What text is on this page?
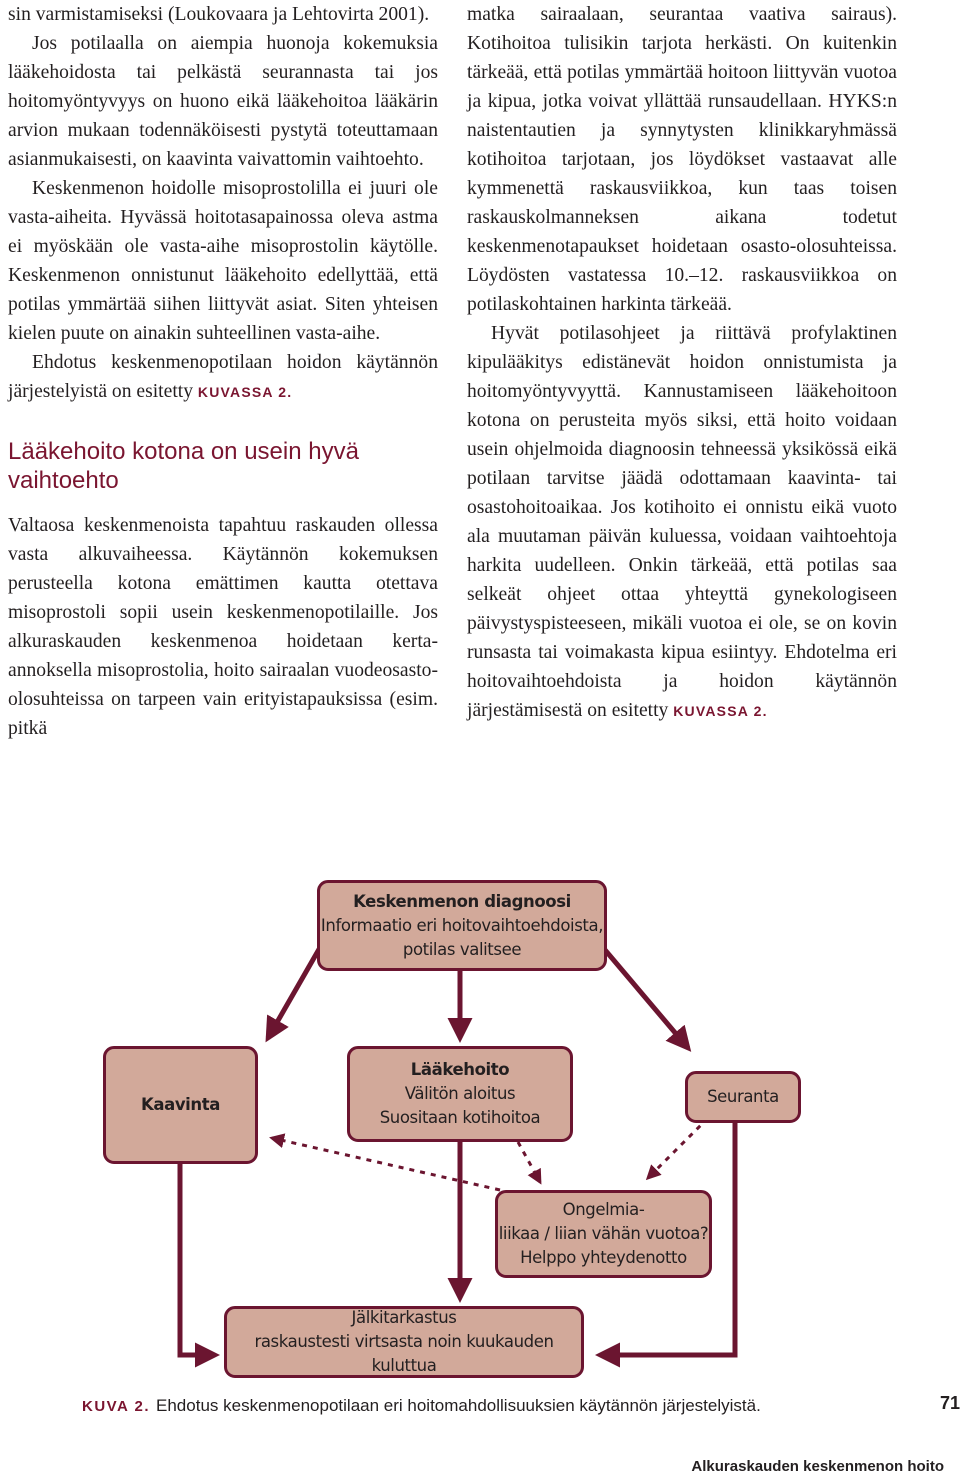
sin varmistamiseksi (Loukovaara ja Lehtovirta 2001).

Jos potilaalla on aiempia huonoja kokemuksia lääkehoidosta tai pelkästä seurannasta tai jos hoitomyöntyvyys on huono eikä lääkehoitoa lääkärin arvion mukaan todennäköisesti pystytä toteuttamaan asianmukaisesti, on kaavinta vaivattomin vaihtoehto.

Keskenmenon hoidolle misoprostolilla ei juuri ole vasta-aiheita. Hyvässä hoitotasapainossa oleva astma ei myöskään ole vasta-aihe misoprostolin käytölle. Keskenmenon onnistunut lääkehoito edellyttää, että potilas ymmärtää siihen liittyvät asiat. Siten yhteisen kielen puute on ainakin suhteellinen vasta-aihe.

Ehdotus keskenmenopotilaan hoidon käytännön järjestelyistä on esitetty KUVASSA 2.

Lääkehoito kotona on usein hyvä vaihtoehto

Valtaosa keskenmenoista tapahtuu raskauden ollessa vasta alkuvaiheessa. Käytännön kokemuksen perusteella kotona emättimen kautta otettava misoprostoli sopii usein keskenmenopotilaille. Jos alkuraskauden keskenmenoa hoidetaan kerta-annoksella misoprostolia, hoito sairaalan vuodeosasto-olosuhteissa on tarpeen vain erityistapauksissa (esim. pitkä

matka sairaalaan, seurantaa vaativa sairaus). Kotihoitoa tulisikin tarjota herkästi. On kuitenkin tärkeää, että potilas ymmärtää hoitoon liittyvän vuotoa ja kipua, jotka voivat yllättää runsaudellaan. HYKS:n naistentautien ja synnytysten klinikkaryhmässä kotihoitoa tarjotaan, jos löydökset vastaavat alle kymmenettä raskausviikkoa, kun taas toisen raskauskolmanneksen aikana todetut keskenmenotapaukset hoidetaan osasto-olosuhteissa. Löydösten vastatessa 10.–12. raskausviikkoa on potilaskohtainen harkinta tärkeää.

Hyvät potilasohjeet ja riittävä profylaktinen kipulääkitys edistänevät hoidon onnistumista ja hoitomyöntyvyyttä. Kannustamiseen lääkehoitoon kotona on perusteita myös siksi, että hoito voidaan usein ohjelmoida diagnoosin tehneessä yksikössä eikä potilaan tarvitse jäädä odottamaan kaavinta- tai osastohoitoaikaa. Jos kotihoito ei onnistu eikä vuoto ala muutaman päivän kuluessa, voidaan vaihtoehtoja harkita uudelleen. Onkin tärkeää, että potilas saa selkeät ohjeet ottaa yhteyttä gynekologiseen päivystyspisteeseen, mikäli vuotoa ei ole, se on kovin runsasta tai voimakasta kipua esiintyy. Ehdotelma eri hoitovaihtoehdoista ja hoidon käytännön järjestämisestä on esitetty KUVASSA 2.

Keskenmenon diagnoosi
Informaatio eri hoitovaihtoehdoista,
potilas valitsee
Kaavinta
Lääkehoito
Välitön aloitus
Suositaan kotihoitoa
Seuranta
Ongelmia-
liikaa / liian vähän vuotoa?
Helppo yhteydenotto
Jälkitarkastus
raskaustesti virtsasta noin kuukauden kuluttua
KUVA 2. Ehdotus keskenmenopotilaan eri hoitomahdollisuuksien käytännön järjestelyistä.	71
Alkuraskauden keskenmenon hoito
